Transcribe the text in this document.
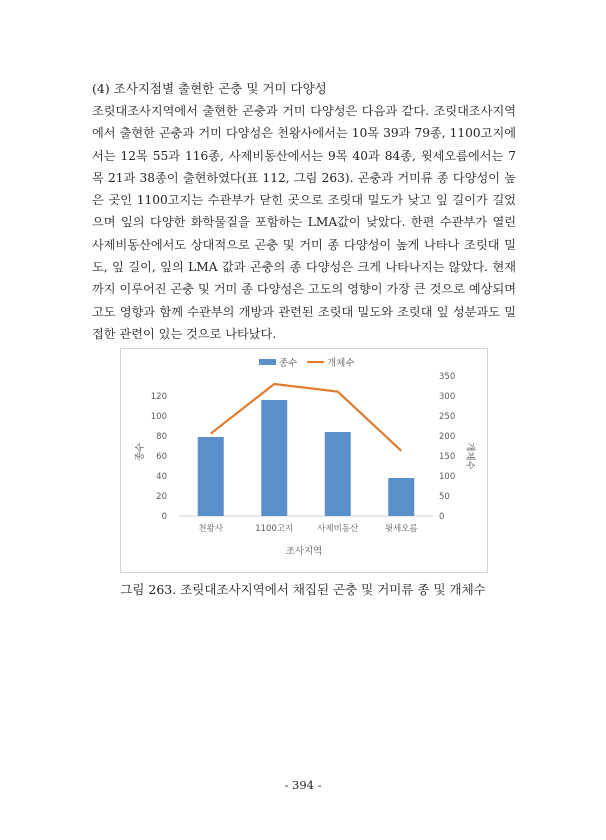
(4) 조사지점별 출현한 곤충 및 거미 다양성

조릿대조사지역에서 출현한 곤충과 거미 다양성은 다음과 같다. 조릿대조사지역에서 출현한 곤충과 거미 다양성은 천왕사에서는 10목 39과 79종, 1100고지에서는 12목 55과 116종, 사제비동산에서는 9목 40과 84종, 윗세오름에서는 7목 21과 38종이 출현하였다(표 112, 그림 263). 곤충과 거미류 종 다양성이 높은 곳인 1100고지는 수관부가 닫힌 곳으로 조릿대 밀도가 낮고 잎 길이가 길었으며 잎의 다양한 화학물질을 포함하는 LMA값이 낮았다. 한편 수관부가 열린 사제비동산에서도 상대적으로 곤충 및 거미 종 다양성이 높게 나타나 조릿대 밀도, 잎 길이, 잎의 LMA 값과 곤충의 종 다양성은 크게 나타나지는 않았다. 현재까지 이루어진 곤충 및 거미 종 다양성은 고도의 영향이 가장 큰 것으로 예상되며 고도 영향과 함께 수관부의 개방과 관련된 조릿대 밀도와 조릿대 잎 성분과도 밀접한 관련이 있는 것으로 나타났다.

종수	개체수
종수	개체수
조사지역
0
20
40
60
80
100
120
0
50
100
150
200
250
300
350
천왕사	1100고지	사제비동산	윗세오름
그림 263. 조릿대조사지역에서 채집된 곤충 및 거미류 종 및 개체수
- 394 -
